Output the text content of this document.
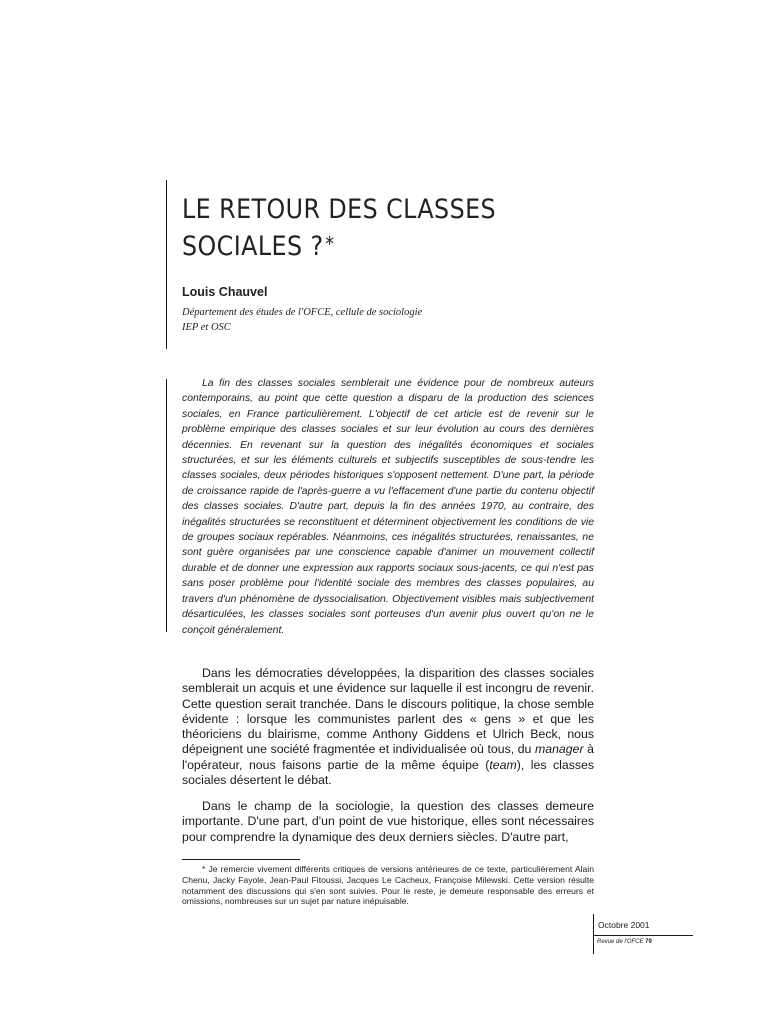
LE RETOUR DES CLASSES SOCIALES ?*

Louis Chauvel

Département des études de l'OFCE, cellule de sociologie
IEP et OSC

La fin des classes sociales semblerait une évidence pour de nombreux auteurs contemporains, au point que cette question a disparu de la production des sciences sociales, en France particulièrement. L'objectif de cet article est de revenir sur le problème empirique des classes sociales et sur leur évolution au cours des dernières décennies. En revenant sur la question des inégalités économiques et sociales structurées, et sur les éléments culturels et subjectifs susceptibles de sous-tendre les classes sociales, deux périodes historiques s'opposent nettement. D'une part, la période de croissance rapide de l'après-guerre a vu l'effacement d'une partie du contenu objectif des classes sociales. D'autre part, depuis la fin des années 1970, au contraire, des inégalités structurées se reconstituent et déterminent objectivement les conditions de vie de groupes sociaux repérables. Néanmoins, ces inégalités structurées, renaissantes, ne sont guère organisées par une conscience capable d'animer un mouvement collectif durable et de donner une expression aux rapports sociaux sous-jacents, ce qui n'est pas sans poser problème pour l'identité sociale des membres des classes populaires, au travers d'un phénomène de dyssocialisation. Objectivement visibles mais subjectivement désarticulées, les classes sociales sont porteuses d'un avenir plus ouvert qu'on ne le conçoit généralement.

Dans les démocraties développées, la disparition des classes sociales semblerait un acquis et une évidence sur laquelle il est incongru de revenir. Cette question serait tranchée. Dans le discours politique, la chose semble évidente : lorsque les communistes parlent des « gens » et que les théoriciens du blairisme, comme Anthony Giddens et Ulrich Beck, nous dépeignent une société fragmentée et individualisée où tous, du manager à l'opérateur, nous faisons partie de la même équipe (team), les classes sociales désertent le débat.

Dans le champ de la sociologie, la question des classes demeure importante. D'une part, d'un point de vue historique, elles sont nécessaires pour comprendre la dynamique des deux derniers siècles. D'autre part,

* Je remercie vivement différents critiques de versions antérieures de ce texte, particulièrement Alain Chenu, Jacky Fayole, Jean-Paul Fitoussi, Jacques Le Cacheux, Françoise Milewski. Cette version résulte notamment des discussions qui s'en sont suivies. Pour le reste, je demeure responsable des erreurs et omissions, nombreuses sur un sujet par nature inépuisable.

Octobre 2001

Revue de l'OFCE 79
